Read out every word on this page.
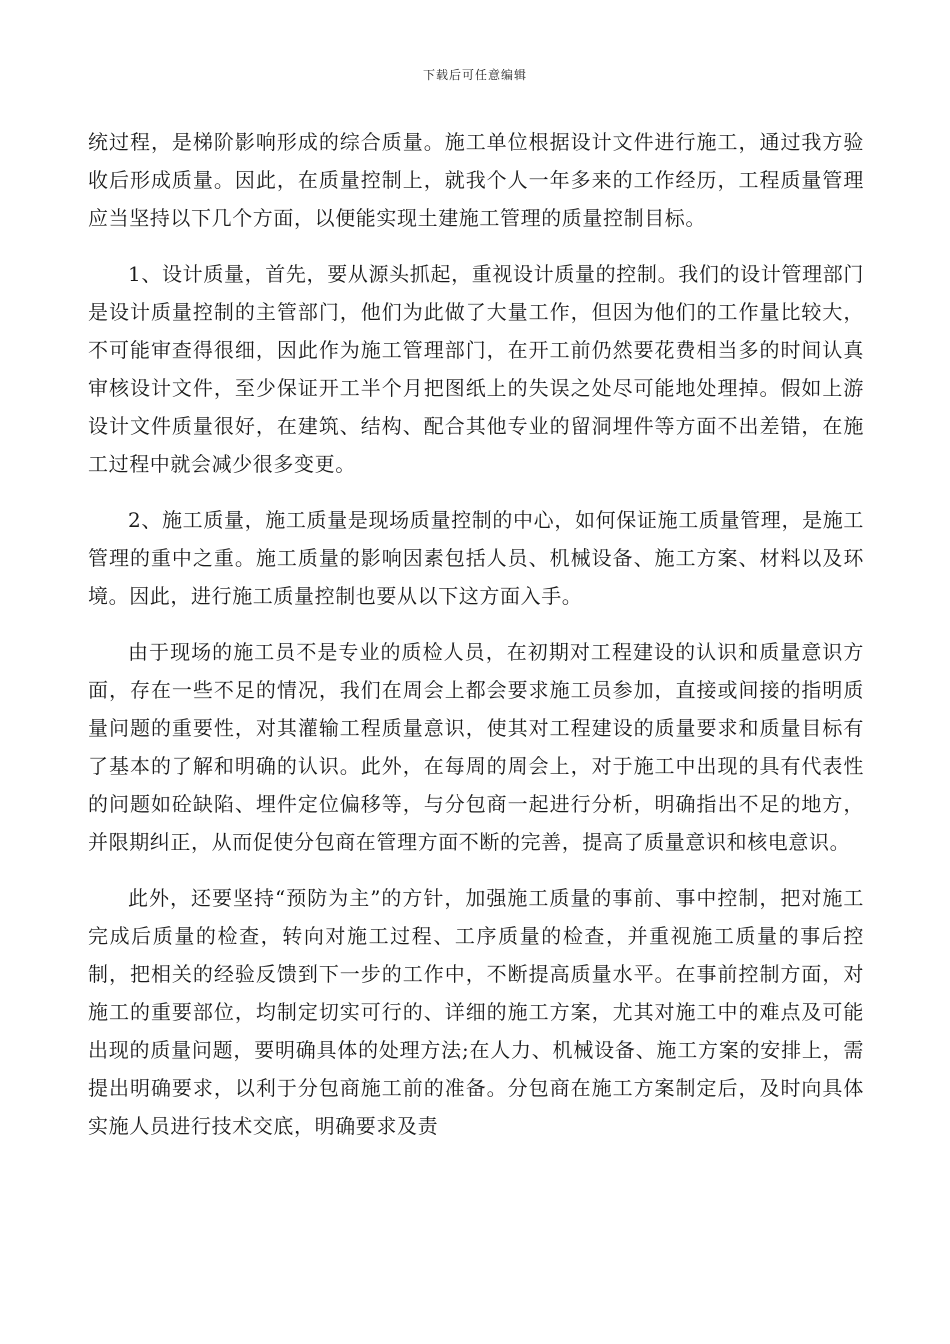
下载后可任意编辑

统过程，是梯阶影响形成的综合质量。施工单位根据设计文件进行施工，通过我方验收后形成质量。因此，在质量控制上，就我个人一年多来的工作经历，工程质量管理应当坚持以下几个方面，以便能实现土建施工管理的质量控制目标。

1、设计质量，首先，要从源头抓起，重视设计质量的控制。我们的设计管理部门是设计质量控制的主管部门，他们为此做了大量工作，但因为他们的工作量比较大，不可能审查得很细，因此作为施工管理部门，在开工前仍然要花费相当多的时间认真审核设计文件，至少保证开工半个月把图纸上的失误之处尽可能地处理掉。假如上游设计文件质量很好，在建筑、结构、配合其他专业的留洞埋件等方面不出差错，在施工过程中就会减少很多变更。

2、施工质量，施工质量是现场质量控制的中心，如何保证施工质量管理，是施工管理的重中之重。施工质量的影响因素包括人员、机械设备、施工方案、材料以及环境。因此，进行施工质量控制也要从以下这方面入手。

由于现场的施工员不是专业的质检人员，在初期对工程建设的认识和质量意识方面，存在一些不足的情况，我们在周会上都会要求施工员参加，直接或间接的指明质量问题的重要性，对其灌输工程质量意识，使其对工程建设的质量要求和质量目标有了基本的了解和明确的认识。此外，在每周的周会上，对于施工中出现的具有代表性的问题如砼缺陷、埋件定位偏移等，与分包商一起进行分析，明确指出不足的地方，并限期纠正，从而促使分包商在管理方面不断的完善，提高了质量意识和核电意识。

此外，还要坚持“预防为主”的方针，加强施工质量的事前、事中控制，把对施工完成后质量的检查，转向对施工过程、工序质量的检查，并重视施工质量的事后控制，把相关的经验反馈到下一步的工作中，不断提高质量水平。在事前控制方面，对施工的重要部位，均制定切实可行的、详细的施工方案，尤其对施工中的难点及可能出现的质量问题，要明确具体的处理方法;在人力、机械设备、施工方案的安排上，需提出明确要求，以利于分包商施工前的准备。分包商在施工方案制定后，及时向具体实施人员进行技术交底，明确要求及责
